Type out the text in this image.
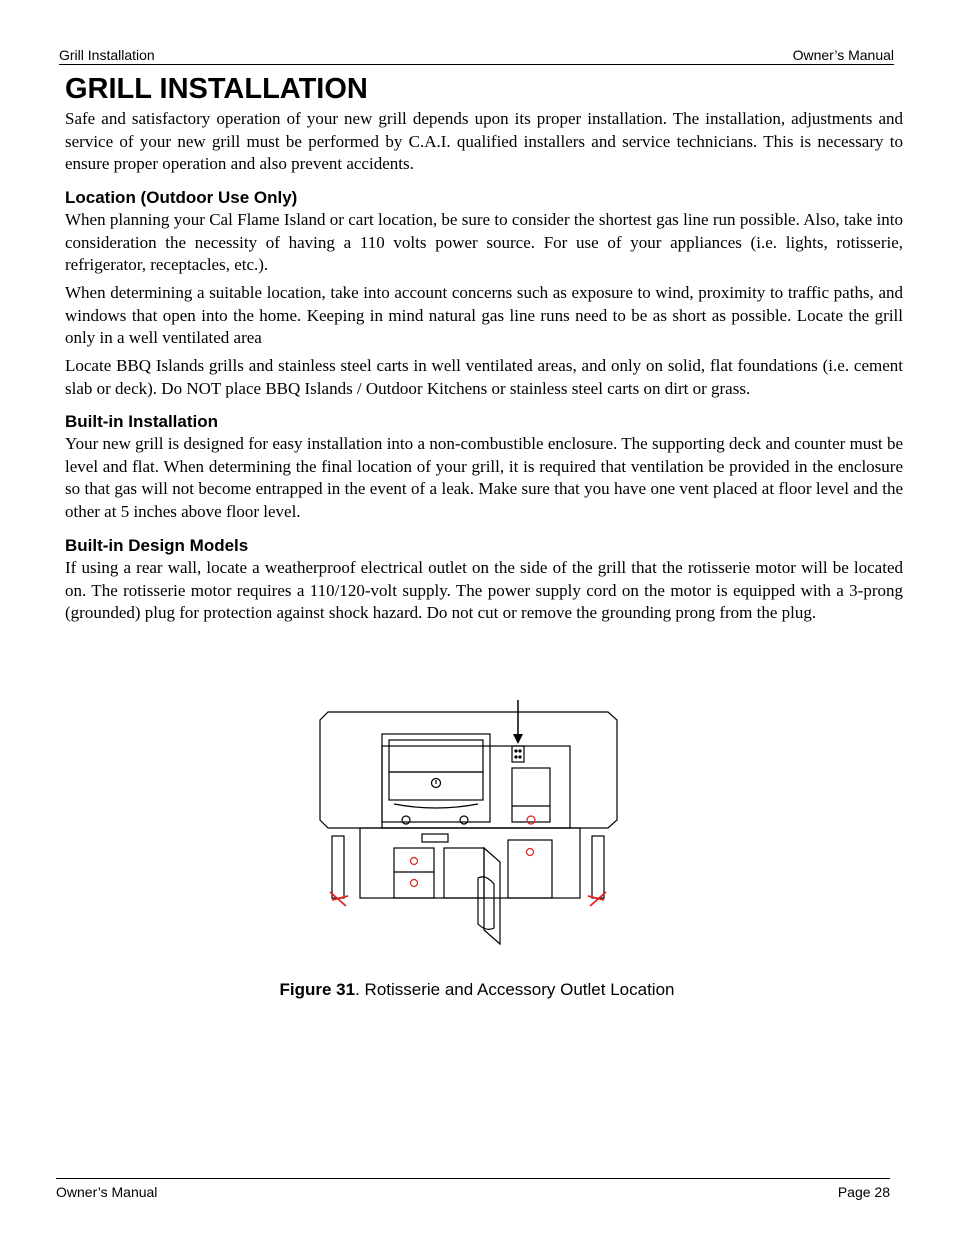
Grill Installation	Owner’s Manual
GRILL INSTALLATION

Safe and satisfactory operation of your new grill depends upon its proper installation. The installation, adjustments and service of your new grill must be performed by C.A.I. qualified installers and service technicians. This is necessary to ensure proper operation and also prevent accidents.

Location (Outdoor Use Only)

When planning your Cal Flame Island or cart location, be sure to consider the shortest gas line run possible. Also, take into consideration the necessity of having a 110 volts power source. For use of your appliances (i.e. lights, rotisserie, refrigerator, receptacles, etc.).

When determining a suitable location, take into account concerns such as exposure to wind, proximity to traffic paths, and windows that open into the home. Keeping in mind natural gas line runs need to be as short as possible. Locate the grill only in a well ventilated area

Locate BBQ Islands grills and stainless steel carts in well ventilated areas, and only on solid, flat foundations (i.e. cement slab or deck). Do NOT place BBQ Islands / Outdoor Kitchens or stainless steel carts on dirt or grass.

Built-in Installation

Your new grill is designed for easy installation into a non-combustible enclosure. The supporting deck and counter must be level and flat. When determining the final location of your grill, it is required that ventilation be provided in the enclosure so that gas will not become entrapped in the event of a leak. Make sure that you have one vent placed at floor level and the other at 5 inches above floor level.

Built-in Design Models

If using a rear wall, locate a weatherproof electrical outlet on the side of the grill that the rotisserie motor will be located on. The rotisserie motor requires a 110/120-volt supply. The power supply cord on the motor is equipped with a 3-prong (grounded) plug for protection against shock hazard. Do not cut or remove the grounding prong from the plug.

Figure 31. Rotisserie and Accessory Outlet Location
Owner’s Manual	Page 28
